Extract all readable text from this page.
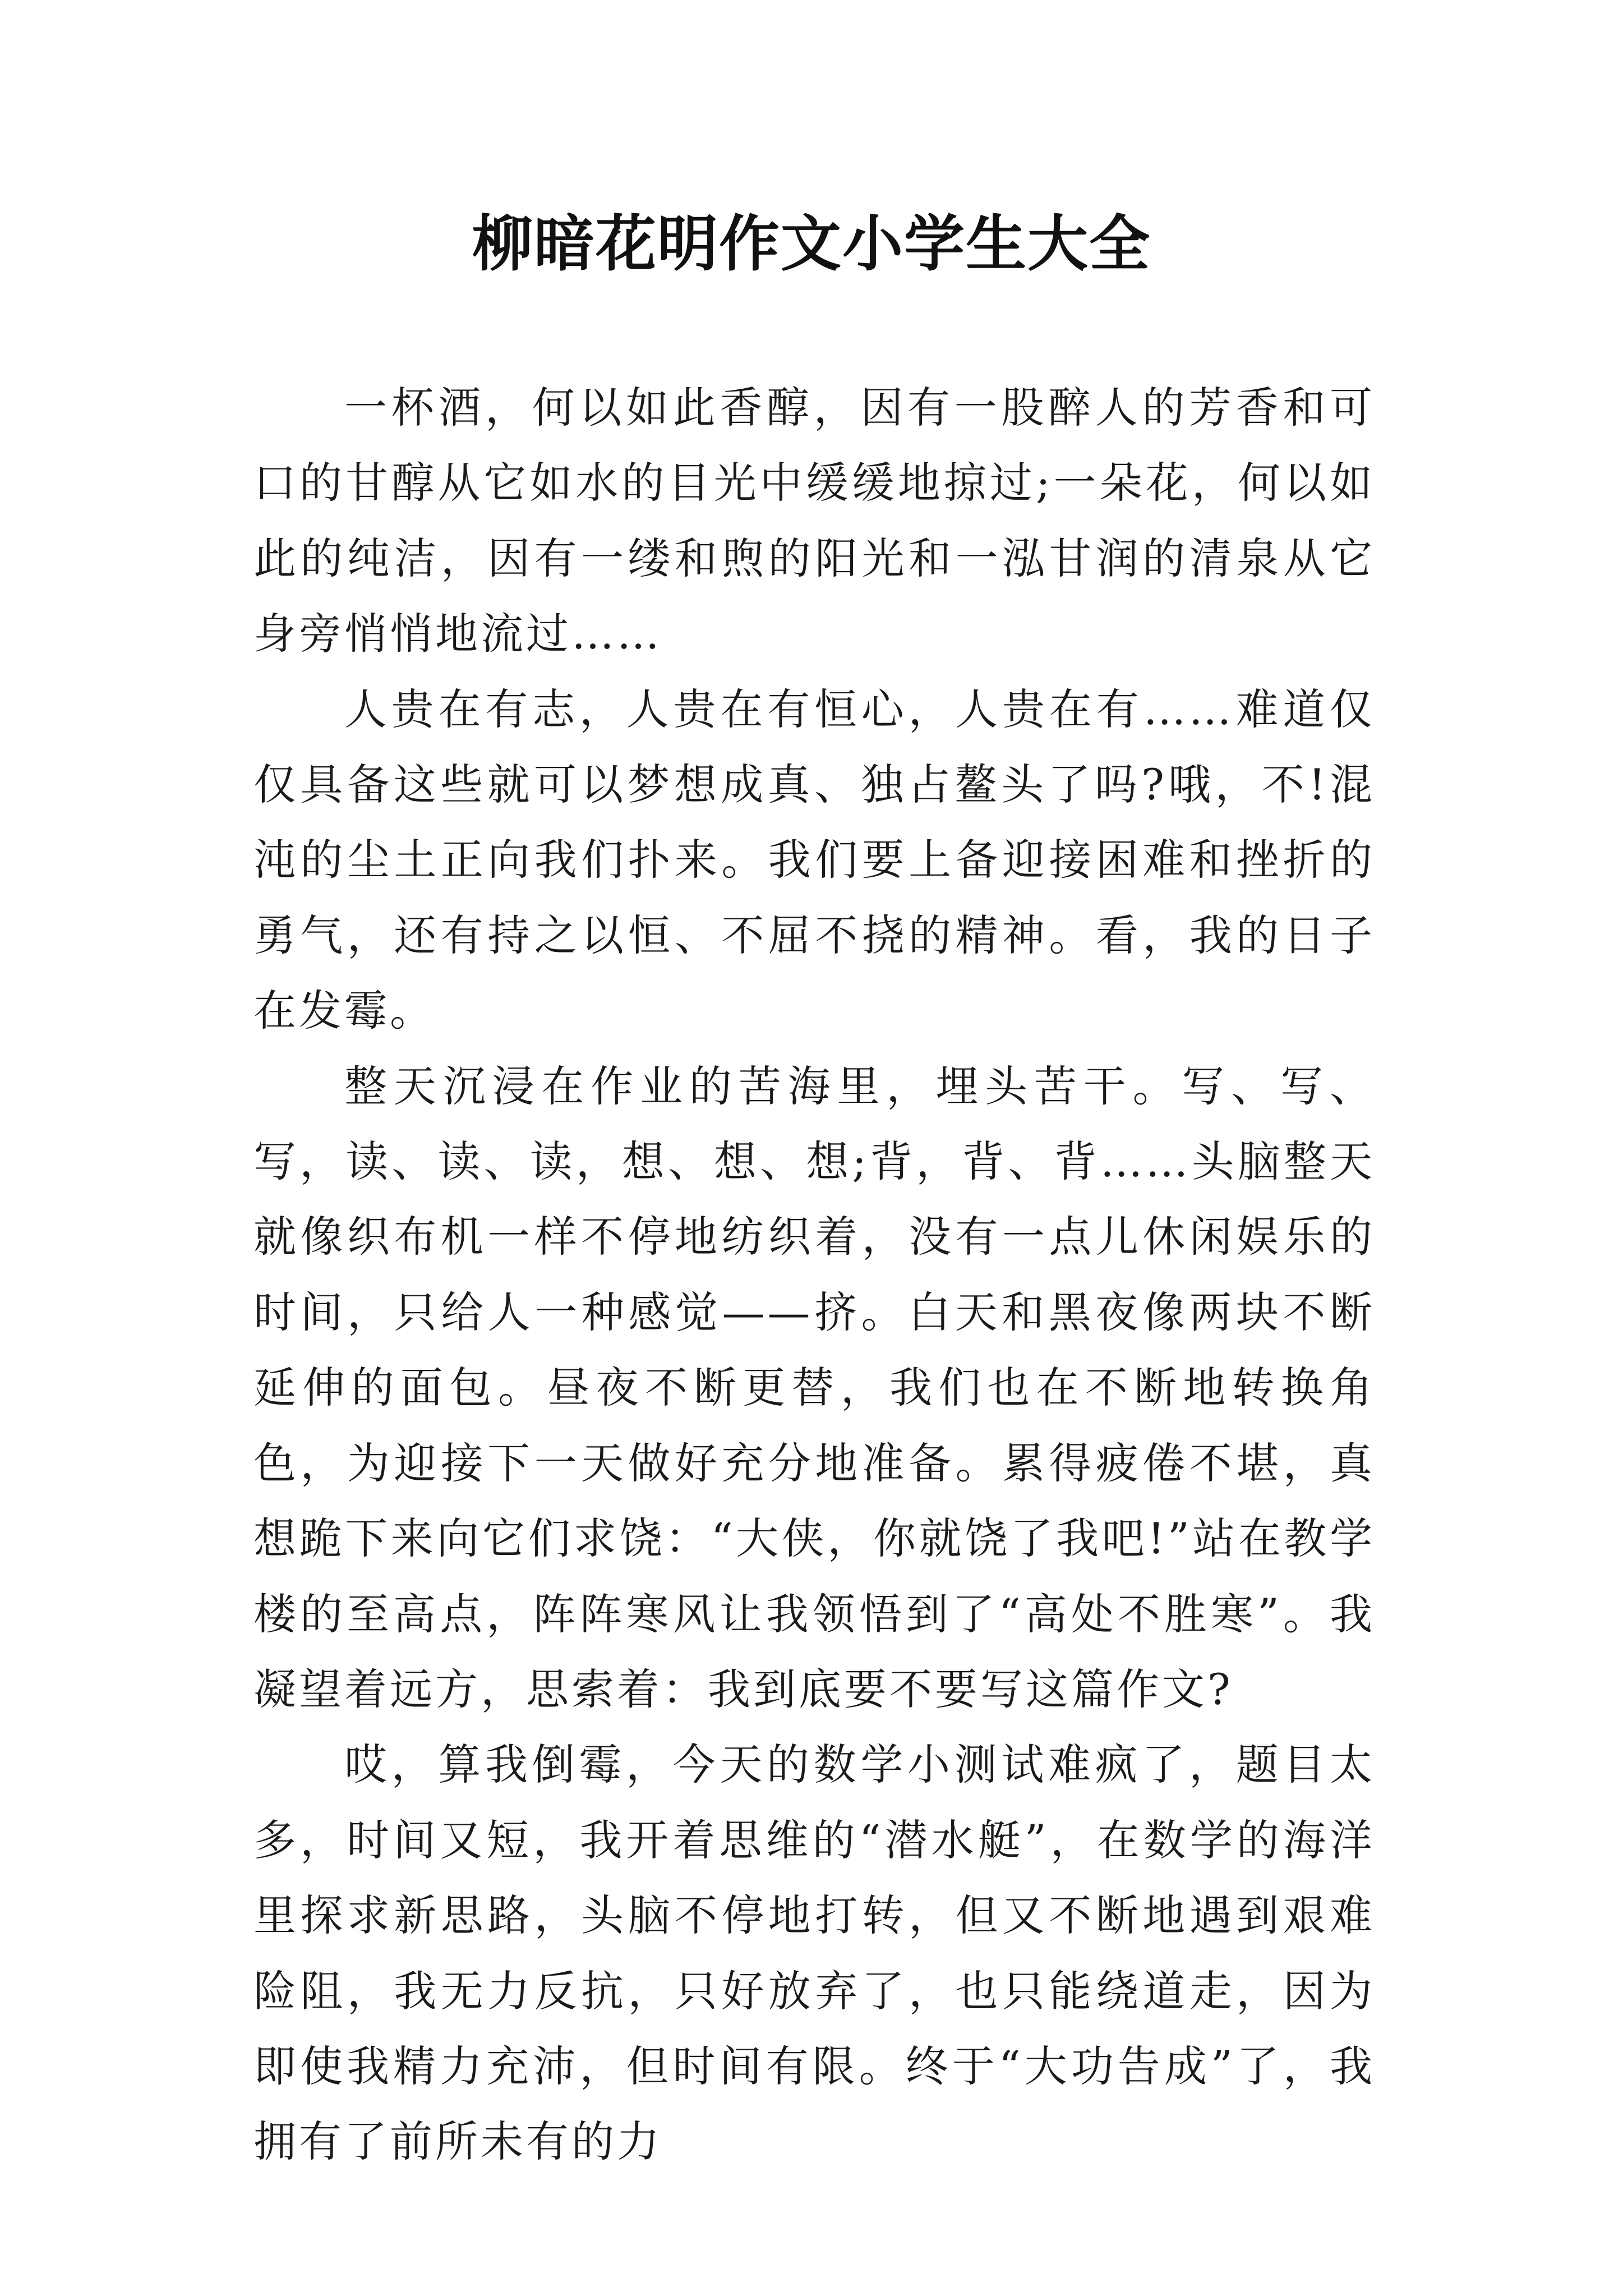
柳暗花明作文小学生大全

一杯酒，何以如此香醇，因有一股醉人的芳香和可口的甘醇从它如水的目光中缓缓地掠过;一朵花，何以如此的纯洁，因有一缕和煦的阳光和一泓甘润的清泉从它身旁悄悄地流过……

人贵在有志，人贵在有恒心，人贵在有……难道仅仅具备这些就可以梦想成真、独占鳌头了吗?哦，不!混沌的尘土正向我们扑来。我们要上备迎接困难和挫折的勇气，还有持之以恒、不屈不挠的精神。看，我的日子在发霉。

整天沉浸在作业的苦海里，埋头苦干。写、写、写，读、读、读，想、想、想;背，背、背……头脑整天就像织布机一样不停地纺织着，没有一点儿休闲娱乐的时间，只给人一种感觉——挤。白天和黑夜像两块不断延伸的面包。昼夜不断更替，我们也在不断地转换角色，为迎接下一天做好充分地准备。累得疲倦不堪，真想跪下来向它们求饶：“大侠，你就饶了我吧!”站在教学楼的至高点，阵阵寒风让我领悟到了“高处不胜寒”。我凝望着远方，思索着：我到底要不要写这篇作文?

哎，算我倒霉，今天的数学小测试难疯了，题目太多，时间又短，我开着思维的“潜水艇”，在数学的海洋里探求新思路，头脑不停地打转，但又不断地遇到艰难险阻，我无力反抗，只好放弃了，也只能绕道走，因为即使我精力充沛，但时间有限。终于“大功告成”了，我拥有了前所未有的力
